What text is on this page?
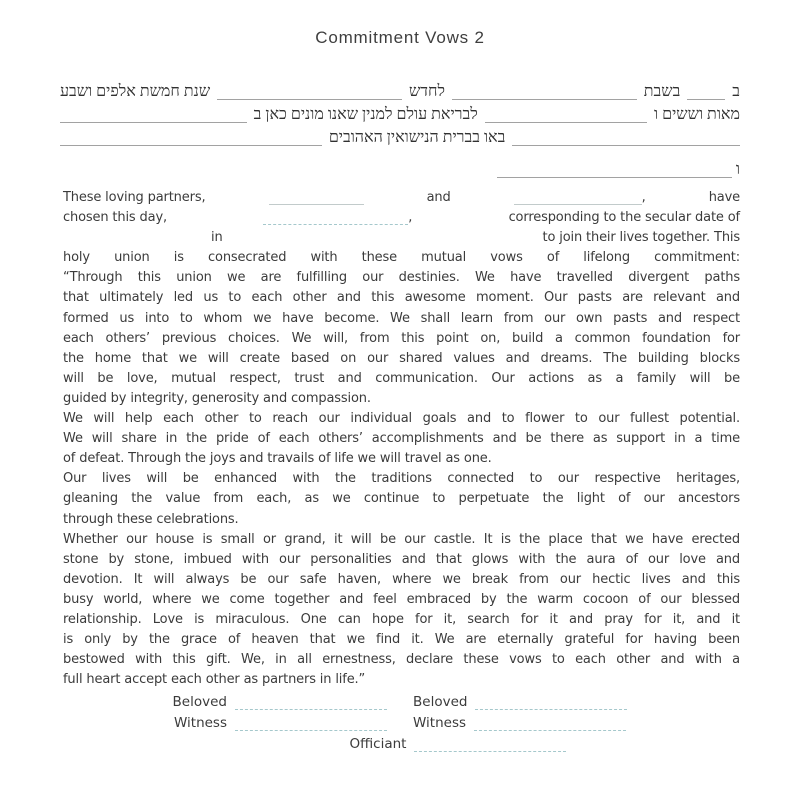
Commitment Vows 2
ב
בשבת
לחדש
שנת חמשת אלפים ושבע
מאות וששים ו
לבריאת עולם למנין שאנו מונים כאן ב
באו בברית הנישואין האהובים
ו
These loving partners,	and	,	have
chosen this day,	,	corresponding to the secular date of
in	to join their lives together. This
holy union is consecrated with these mutual vows of lifelong commitment:
“Through this union we are fulfilling our destinies. We have travelled divergent paths
that ultimately led us to each other and this awesome moment. Our pasts are relevant and
formed us into to whom we have become. We shall learn from our own pasts and respect
each others’ previous choices. We will, from this point on, build a common foundation for
the home that we will create based on our shared values and dreams. The building blocks
will be love, mutual respect, trust and communication. Our actions as a family will be
guided by integrity, generosity and compassion.
We will help each other to reach our individual goals and to flower to our fullest potential.
We will share in the pride of each others’ accomplishments and be there as support in a time
of defeat. Through the joys and travails of life we will travel as one.
Our lives will be enhanced with the traditions connected to our respective heritages,
gleaning the value from each, as we continue to perpetuate the light of our ancestors
through these celebrations.
Whether our house is small or grand, it will be our castle. It is the place that we have erected
stone by stone, imbued with our personalities and that glows with the aura of our love and
devotion. It will always be our safe haven, where we break from our hectic lives and this
busy world, where we come together and feel embraced by the warm cocoon of our blessed
relationship. Love is miraculous. One can hope for it, search for it and pray for it, and it
is only by the grace of heaven that we find it. We are eternally grateful for having been
bestowed with this gift. We, in all ernestness, declare these vows to each other and with a
full heart accept each other as partners in life.”
Beloved	Beloved
Witness	Witness
Officiant
